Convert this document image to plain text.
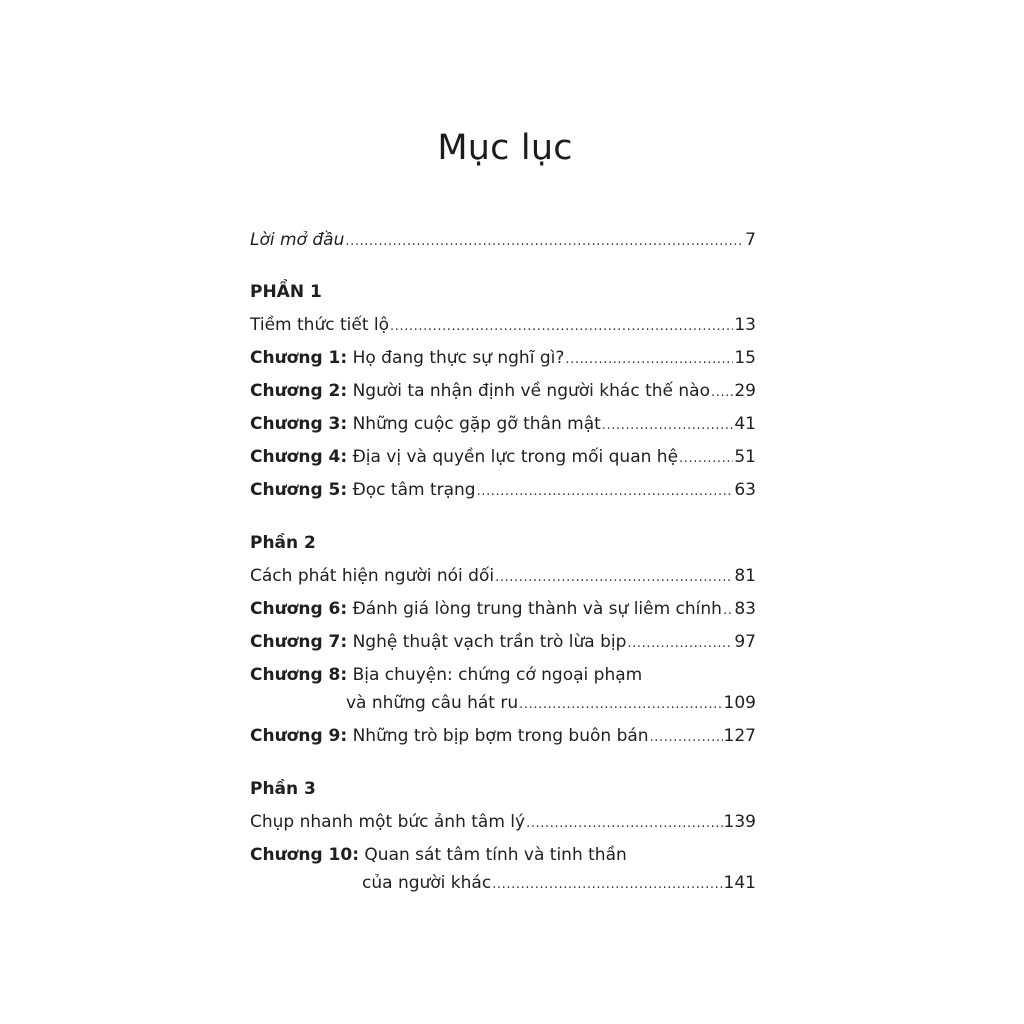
Mục lục
Lời mở đầu .....	7
PHẦN 1
Tiềm thức tiết lộ .....	13
Chương 1: Họ đang thực sự nghĩ gì? .....	15
Chương 2: Người ta nhận định về người khác thế nào ..... 29
Chương 3: Những cuộc gặp gỡ thân mật .....	41
Chương 4: Địa vị và quyền lực trong mối quan hệ .....	51
Chương 5: Đọc tâm trạng .....	63
Phần 2
Cách phát hiện người nói dối .....	81
Chương 6: Đánh giá lòng trung thành và sự liêm chính ..... 83
Chương 7: Nghệ thuật vạch trần trò lừa bịp .....	97
Chương 8: Bịa chuyện: chứng cớ ngoại phạm
và những câu hát ru .....	109
Chương 9: Những trò bịp bợm trong buôn bán .....	127
Phần 3
Chụp nhanh một bức ảnh tâm lý .....	139
Chương 10: Quan sát tâm tính và tinh thần
của người khác .....	141
